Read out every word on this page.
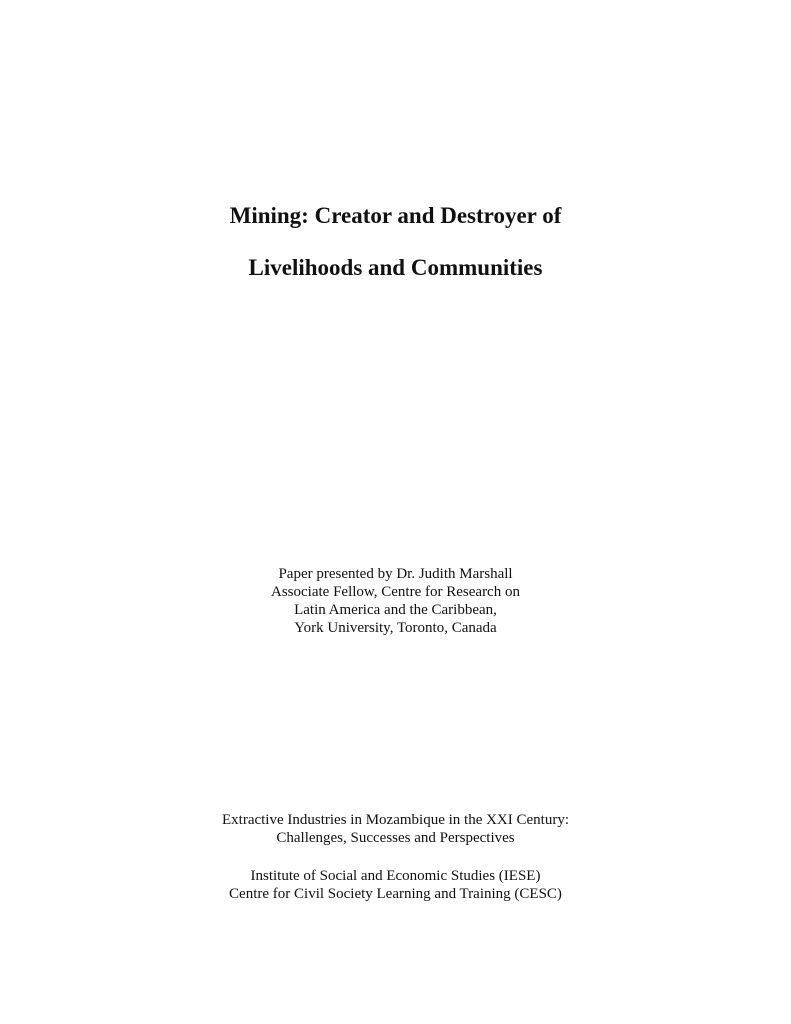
Mining: Creator and Destroyer of
Livelihoods and Communities
Paper presented by Dr. Judith Marshall
Associate Fellow, Centre for Research on
Latin America and the Caribbean,
York University, Toronto, Canada
Extractive Industries in Mozambique in the XXI Century:
Challenges, Successes and Perspectives
Institute of Social and Economic Studies (IESE)
Centre for Civil Society Learning and Training (CESC)
